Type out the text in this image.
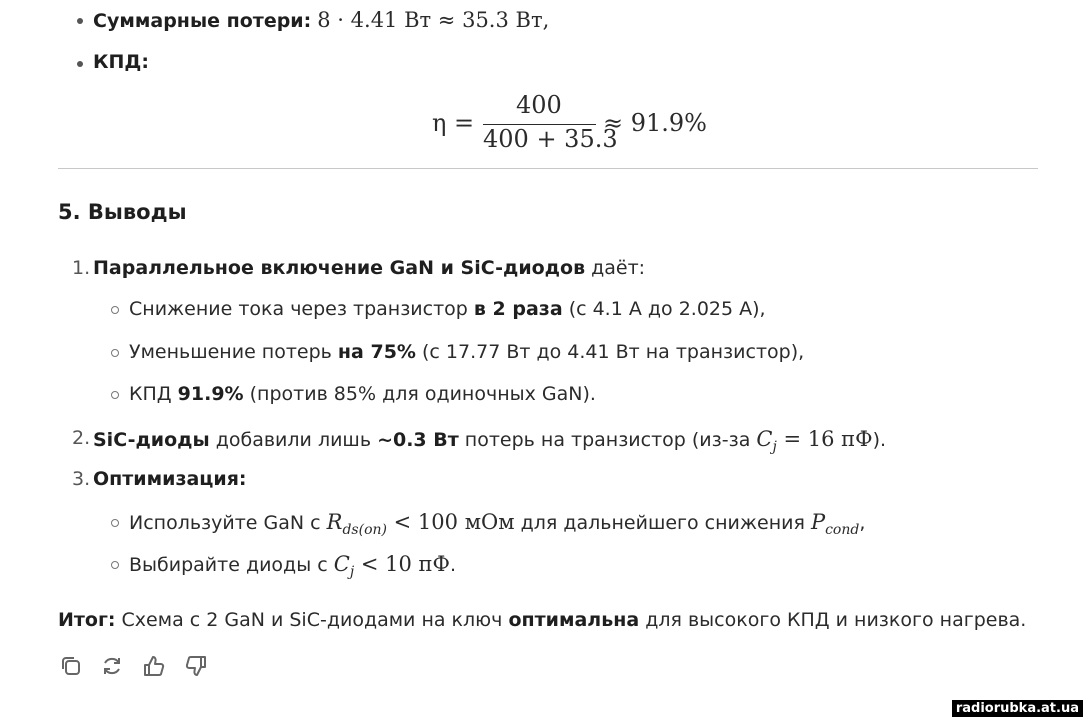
Суммарные потери: 8 · 4.41 Вт ≈ 35.3 Вт,
КПД:
η =
400
400 + 35.3
≈ 91.9%
5. Выводы
1. Параллельное включение GaN и SiC-диодов даёт:
Снижение тока через транзистор в 2 раза (с 4.1 А до 2.025 А),
Уменьшение потерь на 75% (с 17.77 Вт до 4.41 Вт на транзистор),
КПД 91.9% (против 85% для одиночных GaN).
2. SiC-диоды добавили лишь ~0.3 Вт потерь на транзистор (из-за $C_j = 16$ пФ).
3. Оптимизация:
Используйте GaN с $R_{ds(on)} < 100$ мОм для дальнейшего снижения $P_{cond}$,
Выбирайте диоды с $C_j < 10$ пФ.
Итог: Схема с 2 GaN и SiC-диодами на ключ оптимальна для высокого КПД и низкого нагрева.
radiorubka.at.ua
